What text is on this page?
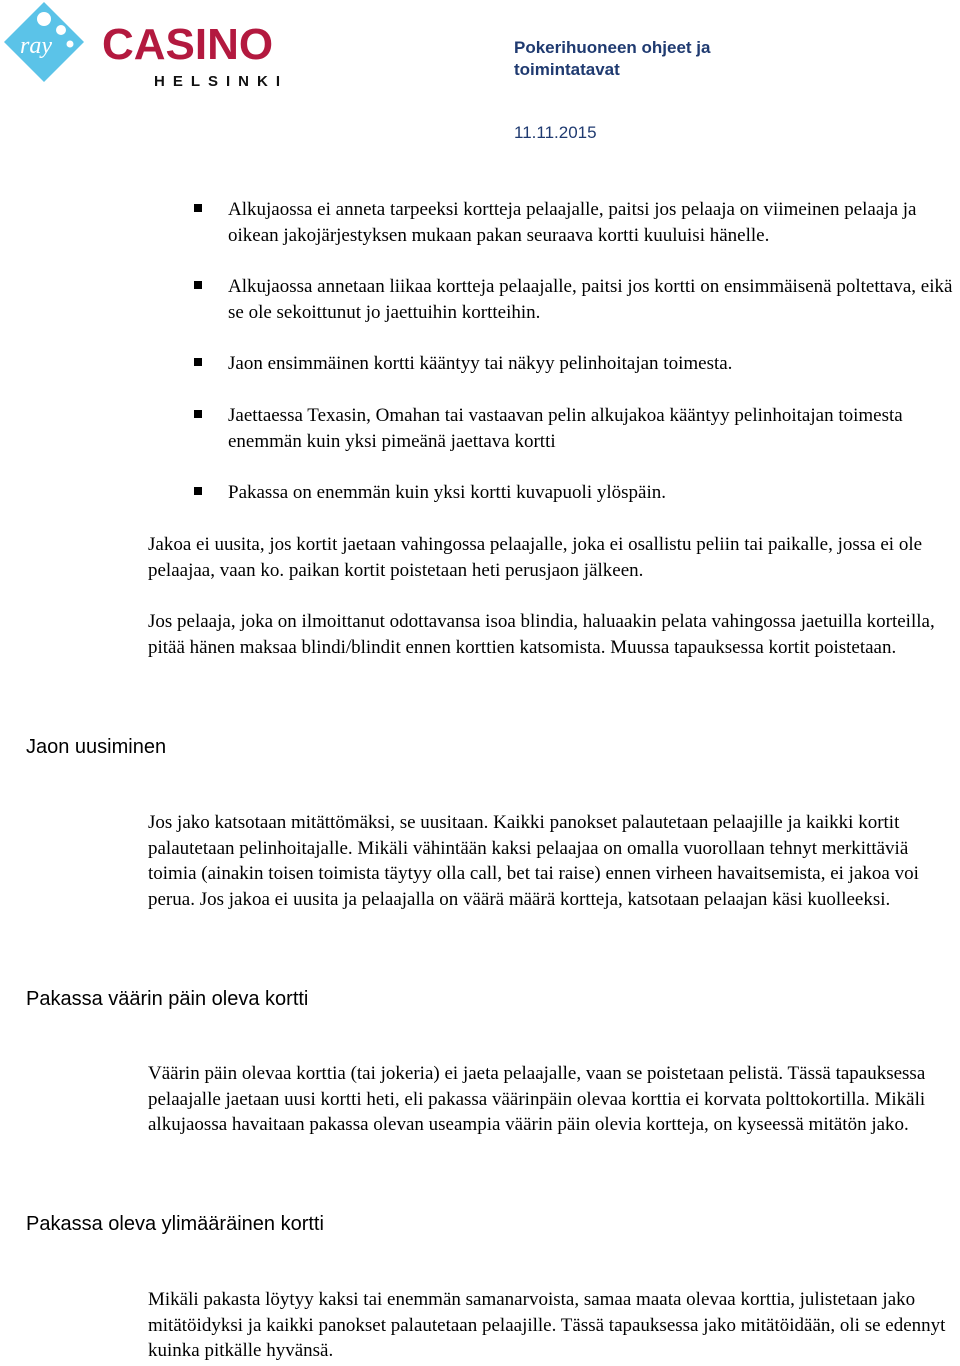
ray CASINO
HELSINKI
Pokerihuoneen ohjeet ja toimintatavat
11.11.2015
Alkujaossa ei anneta tarpeeksi kortteja pelaajalle, paitsi jos pelaaja on viimeinen pelaaja ja oikean jakojärjestyksen mukaan pakan seuraava kortti kuuluisi hänelle.
Alkujaossa annetaan liikaa kortteja pelaajalle, paitsi jos kortti on ensimmäisenä poltettava, eikä se ole sekoittunut jo jaettuihin kortteihin.
Jaon ensimmäinen kortti kääntyy tai näkyy pelinhoitajan toimesta.
Jaettaessa Texasin, Omahan tai vastaavan pelin alkujakoa kääntyy pelinhoitajan toimesta enemmän kuin yksi pimeänä jaettava kortti
Pakassa on enemmän kuin yksi kortti kuvapuoli ylöspäin.

Jakoa ei uusita, jos kortit jaetaan vahingossa pelaajalle, joka ei osallistu peliin tai paikalle, jossa ei ole pelaajaa, vaan ko. paikan kortit poistetaan heti perusjaon jälkeen.

Jos pelaaja, joka on ilmoittanut odottavansa isoa blindia, haluaakin pelata vahingossa jaetuilla korteilla, pitää hänen maksaa blindi/blindit ennen korttien katsomista. Muussa tapauksessa kortit poistetaan.

Jaon uusiminen

Jos jako katsotaan mitättömäksi, se uusitaan. Kaikki panokset palautetaan pelaajille ja kaikki kortit palautetaan pelinhoitajalle. Mikäli vähintään kaksi pelaajaa on omalla vuorollaan tehnyt merkittäviä toimia (ainakin toisen toimista täytyy olla call, bet tai raise) ennen virheen havaitsemista, ei jakoa voi perua. Jos jakoa ei uusita ja pelaajalla on väärä määrä kortteja, katsotaan pelaajan käsi kuolleeksi.

Pakassa väärin päin oleva kortti

Väärin päin olevaa korttia (tai jokeria) ei jaeta pelaajalle, vaan se poistetaan pelistä. Tässä tapauksessa pelaajalle jaetaan uusi kortti heti, eli pakassa väärinpäin olevaa korttia ei korvata polttokortilla. Mikäli alkujaossa havaitaan pakassa olevan useampia väärin päin olevia kortteja, on kyseessä mitätön jako.

Pakassa oleva ylimääräinen kortti

Mikäli pakasta löytyy kaksi tai enemmän samanarvoista, samaa maata olevaa korttia, julistetaan jako mitätöidyksi ja kaikki panokset palautetaan pelaajille. Tässä tapauksessa jako mitätöidään, oli se edennyt kuinka pitkälle hyvänsä.
